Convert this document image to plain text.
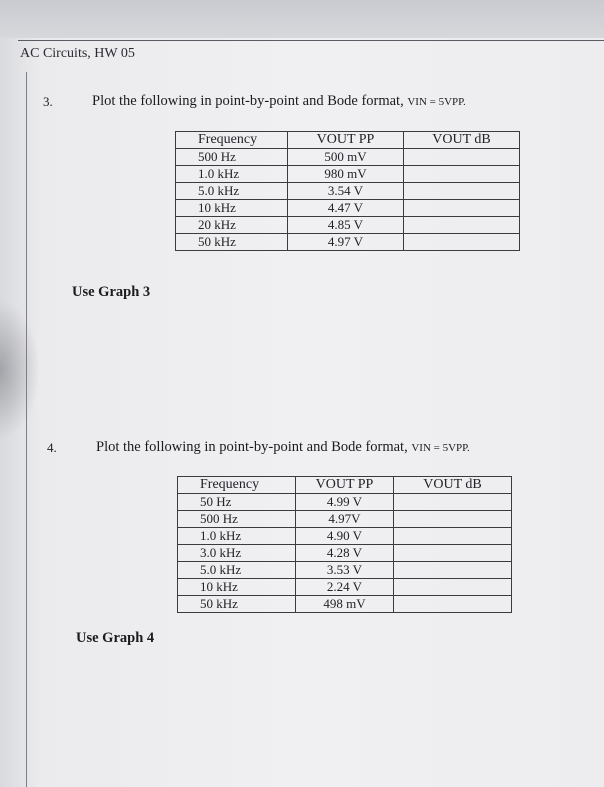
AC Circuits, HW 05
3.	Plot the following in point-by-point and Bode format, VIN = 5VPP.
Frequency	VOUT PP	VOUT dB
500 Hz	500 mV	
1.0 kHz	980 mV	
5.0 kHz	3.54 V	
10 kHz	4.47 V	
20 kHz	4.85 V	
50 kHz	4.97 V	
Use Graph 3
4.	Plot the following in point-by-point and Bode format, VIN = 5VPP.
Frequency	VOUT PP	VOUT dB
50 Hz	4.99 V	
500 Hz	4.97V	
1.0 kHz	4.90 V	
3.0 kHz	4.28 V	
5.0 kHz	3.53 V	
10 kHz	2.24 V	
50 kHz	498 mV	
Use Graph 4
